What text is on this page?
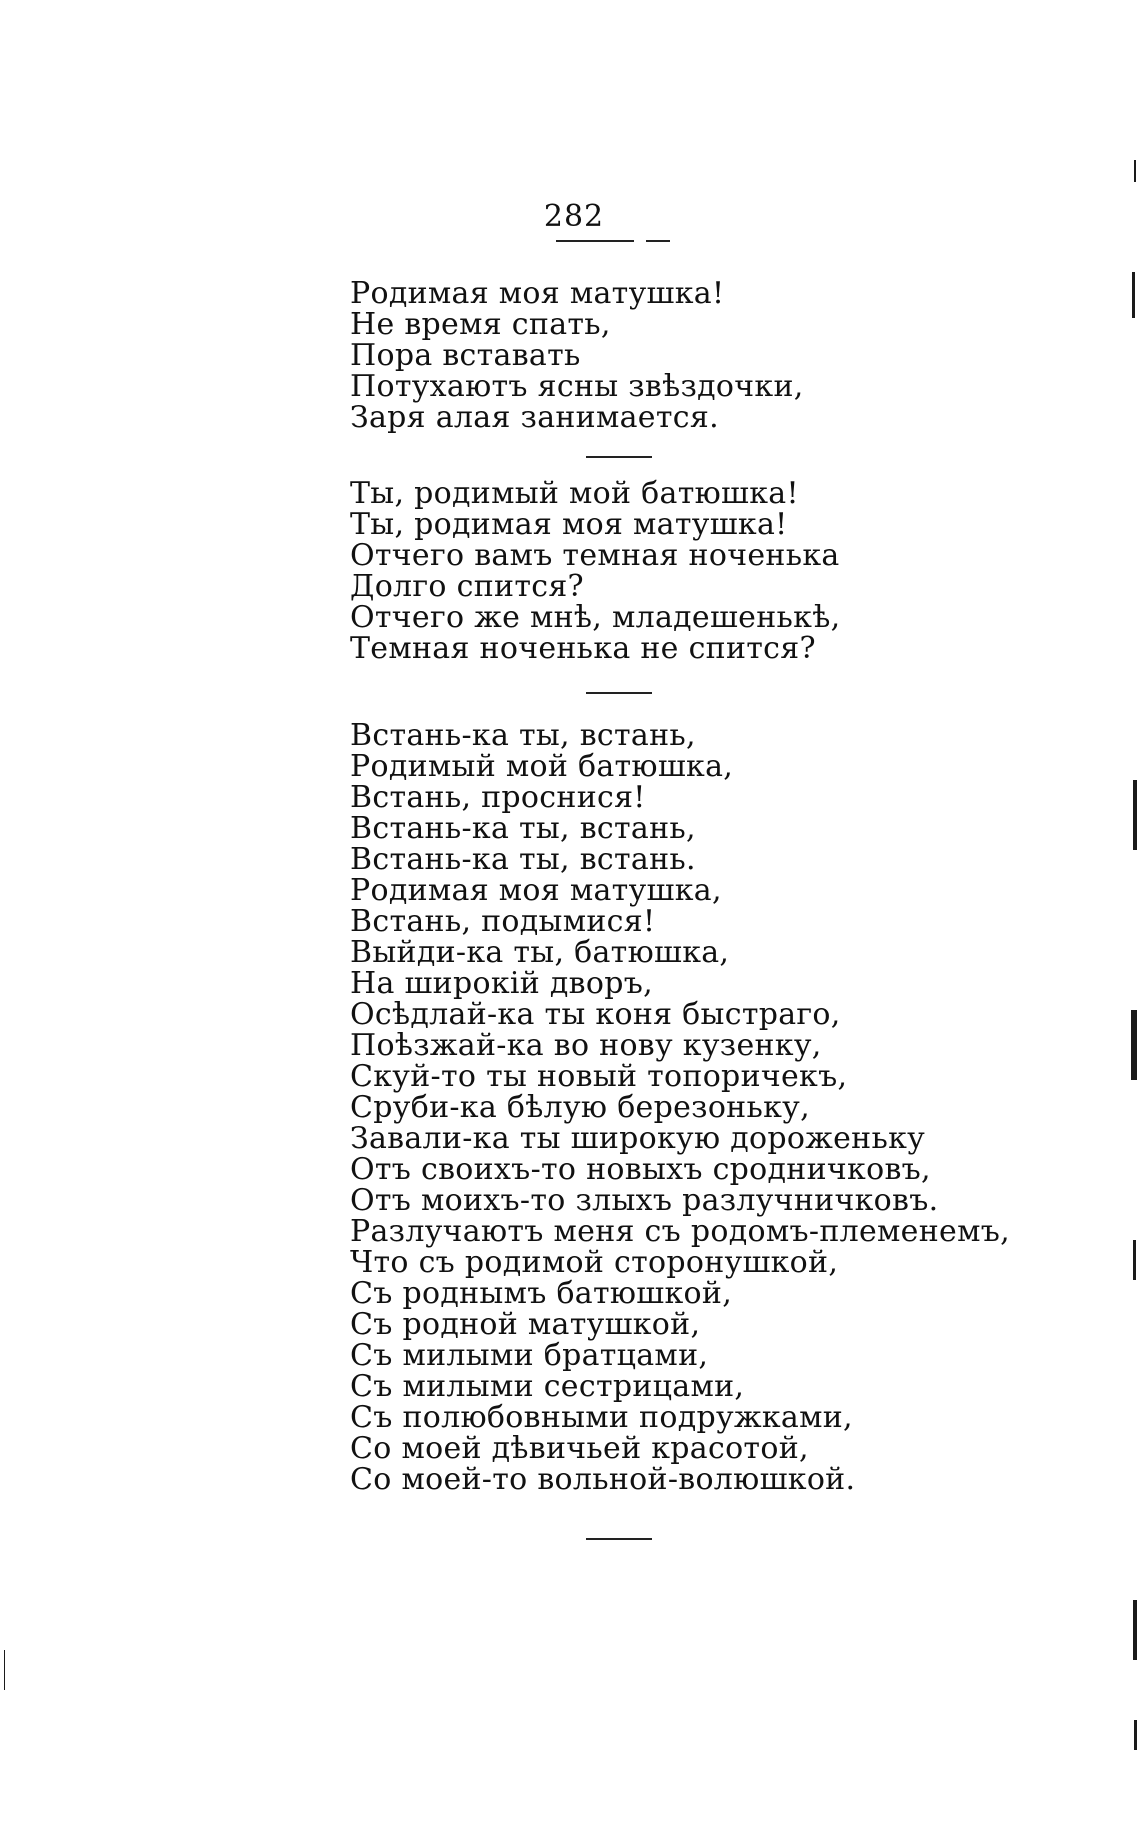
282
Родимая моя матушка!
Не время спать,
Пора вставать
Потухаютъ ясны звѣздочки,
Заря алая занимается.
Ты, родимый мой батюшка!
Ты, родимая моя матушка!
Отчего вамъ темная ноченька
Долго спится?
Отчего же мнѣ, младешенькѣ,
Темная ноченька не спится?
Встань-ка ты, встань,
Родимый мой батюшка,
Встань, проснися!
Встань-ка ты, встань,
Встань-ка ты, встань.
Родимая моя матушка,
Встань, подымися!
Выйди-ка ты, батюшка,
На широкій дворъ,
Осѣдлай-ка ты коня быстраго,
Поѣзжай-ка во нову кузенку,
Скуй-то ты новый топоричекъ,
Сруби-ка бѣлую березоньку,
Завали-ка ты широкую дороженьку
Отъ своихъ-то новыхъ сродничковъ,
Отъ моихъ-то злыхъ разлучничковъ.
Разлучаютъ меня съ родомъ-племенемъ,
Что съ родимой сторонушкой,
Съ роднымъ батюшкой,
Съ родной матушкой,
Съ милыми братцами,
Съ милыми сестрицами,
Съ полюбовными подружками,
Со моей дѣвичьей красотой,
Со моей-то вольной-волюшкой.
